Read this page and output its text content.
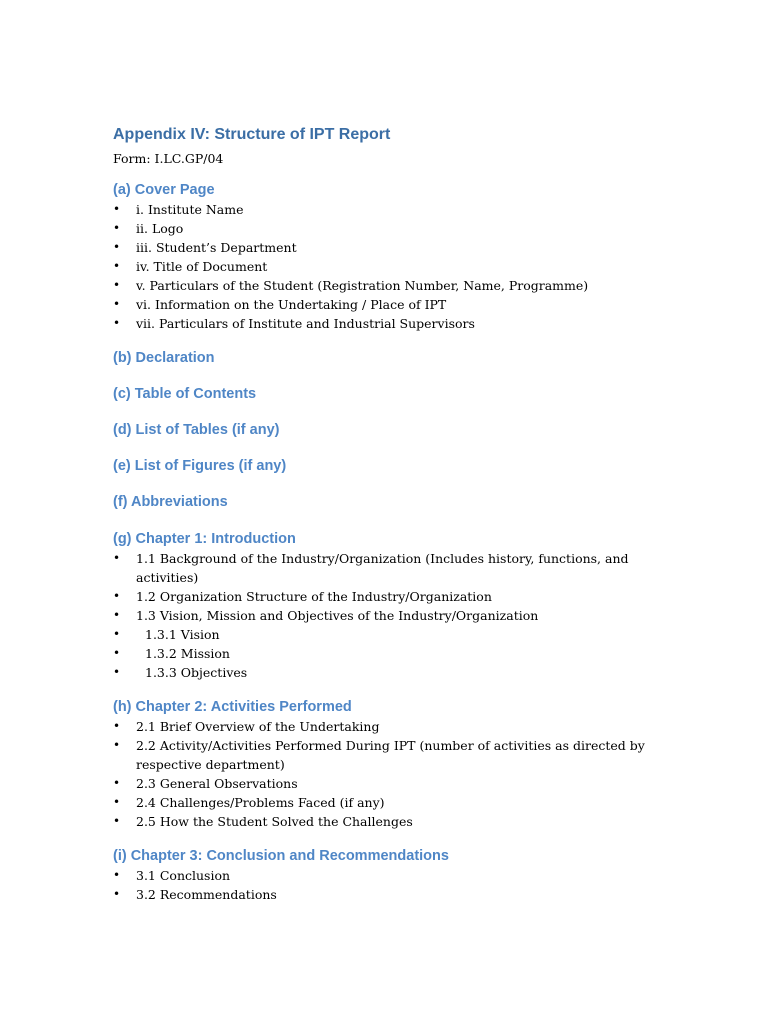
Appendix IV: Structure of IPT Report

Form: I.LC.GP/04

(a) Cover Page
• i. Institute Name
• ii. Logo
• iii. Student’s Department
• iv. Title of Document
• v. Particulars of the Student (Registration Number, Name, Programme)
• vi. Information on the Undertaking / Place of IPT
• vii. Particulars of Institute and Industrial Supervisors
(b) Declaration
(c) Table of Contents
(d) List of Tables (if any)
(e) List of Figures (if any)
(f) Abbreviations
(g) Chapter 1: Introduction
• 1.1 Background of the Industry/Organization (Includes history, functions, and activities)
• 1.2 Organization Structure of the Industry/Organization
• 1.3 Vision, Mission and Objectives of the Industry/Organization
• 1.3.1 Vision
• 1.3.2 Mission
• 1.3.3 Objectives
(h) Chapter 2: Activities Performed
• 2.1 Brief Overview of the Undertaking
• 2.2 Activity/Activities Performed During IPT (number of activities as directed by respective department)
• 2.3 General Observations
• 2.4 Challenges/Problems Faced (if any)
• 2.5 How the Student Solved the Challenges
(i) Chapter 3: Conclusion and Recommendations
• 3.1 Conclusion
• 3.2 Recommendations
